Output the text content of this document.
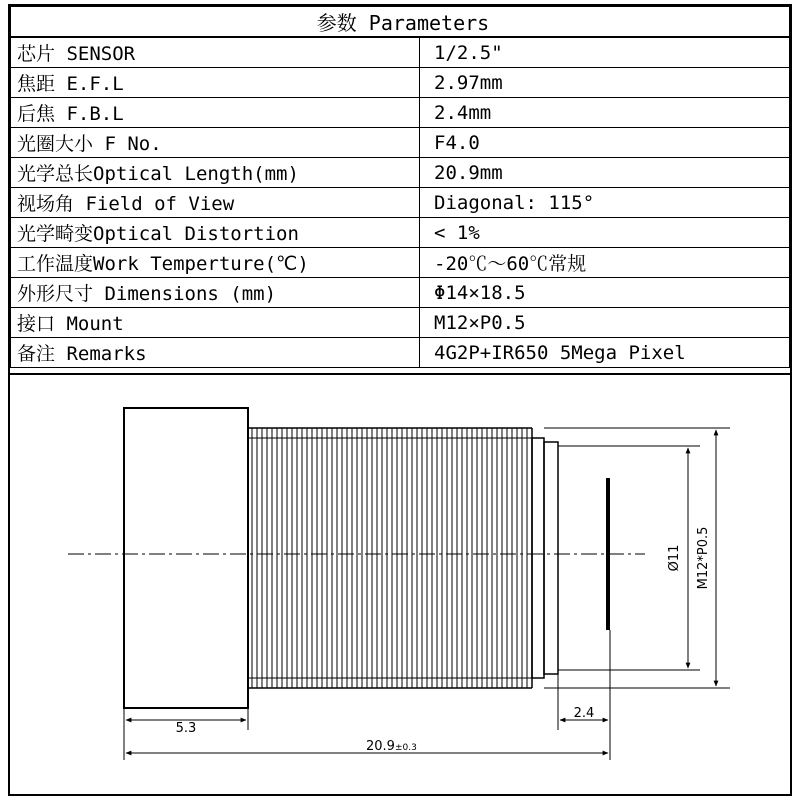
参数 Parameters	
芯片 SENSOR	1/2.5"
焦距 E.F.L	2.97mm
后焦 F.B.L	2.4mm
光圈大小 F No.	F4.0
光学总长Optical Length(mm)	20.9mm
视场角 Field of View	Diagonal: 115°
光学畸变Optical Distortion	< 1%
工作温度Work Temperture(℃)	-20℃～60℃常规
外形尺寸 Dimensions (mm)	Φ14×18.5
接口 Mount	M12×P0.5
备注 Remarks	4G2P+IR650 5Mega Pixel
Ø11 M12*P0.5
5.3
2.4
20.9±0.3
